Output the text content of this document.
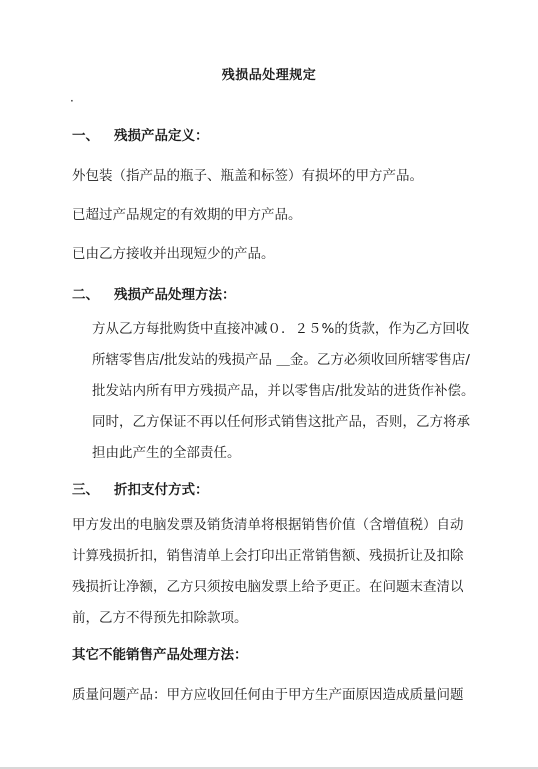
残损品处理规定
·
一、 残损产品定义：
外包装（指产品的瓶子、瓶盖和标签）有损坏的甲方产品。
已超过产品规定的有效期的甲方产品。
已由乙方接收并出现短少的产品。
二、 残损产品处理方法：
方从乙方每批购货中直接冲减０．２５%的货款，作为乙方回收
所辖零售店/批发站的残损产品 ＿金。乙方必须收回所辖零售店/
批发站内所有甲方残损产品，并以零售店/批发站的进货作补偿。
同时，乙方保证不再以任何形式销售这批产品，否则，乙方将承
担由此产生的全部责任。
三、 折扣支付方式：
甲方发出的电脑发票及销货清单将根据销售价值（含增值税）自动
计算残损折扣，销售清单上会打印出正常销售额、残损折让及扣除
残损折让净额，乙方只须按电脑发票上给予更正。在问题末查清以
前，乙方不得预先扣除款项。
其它不能销售产品处理方法：
质量问题产品：甲方应收回任何由于甲方生产面原因造成质量问题
